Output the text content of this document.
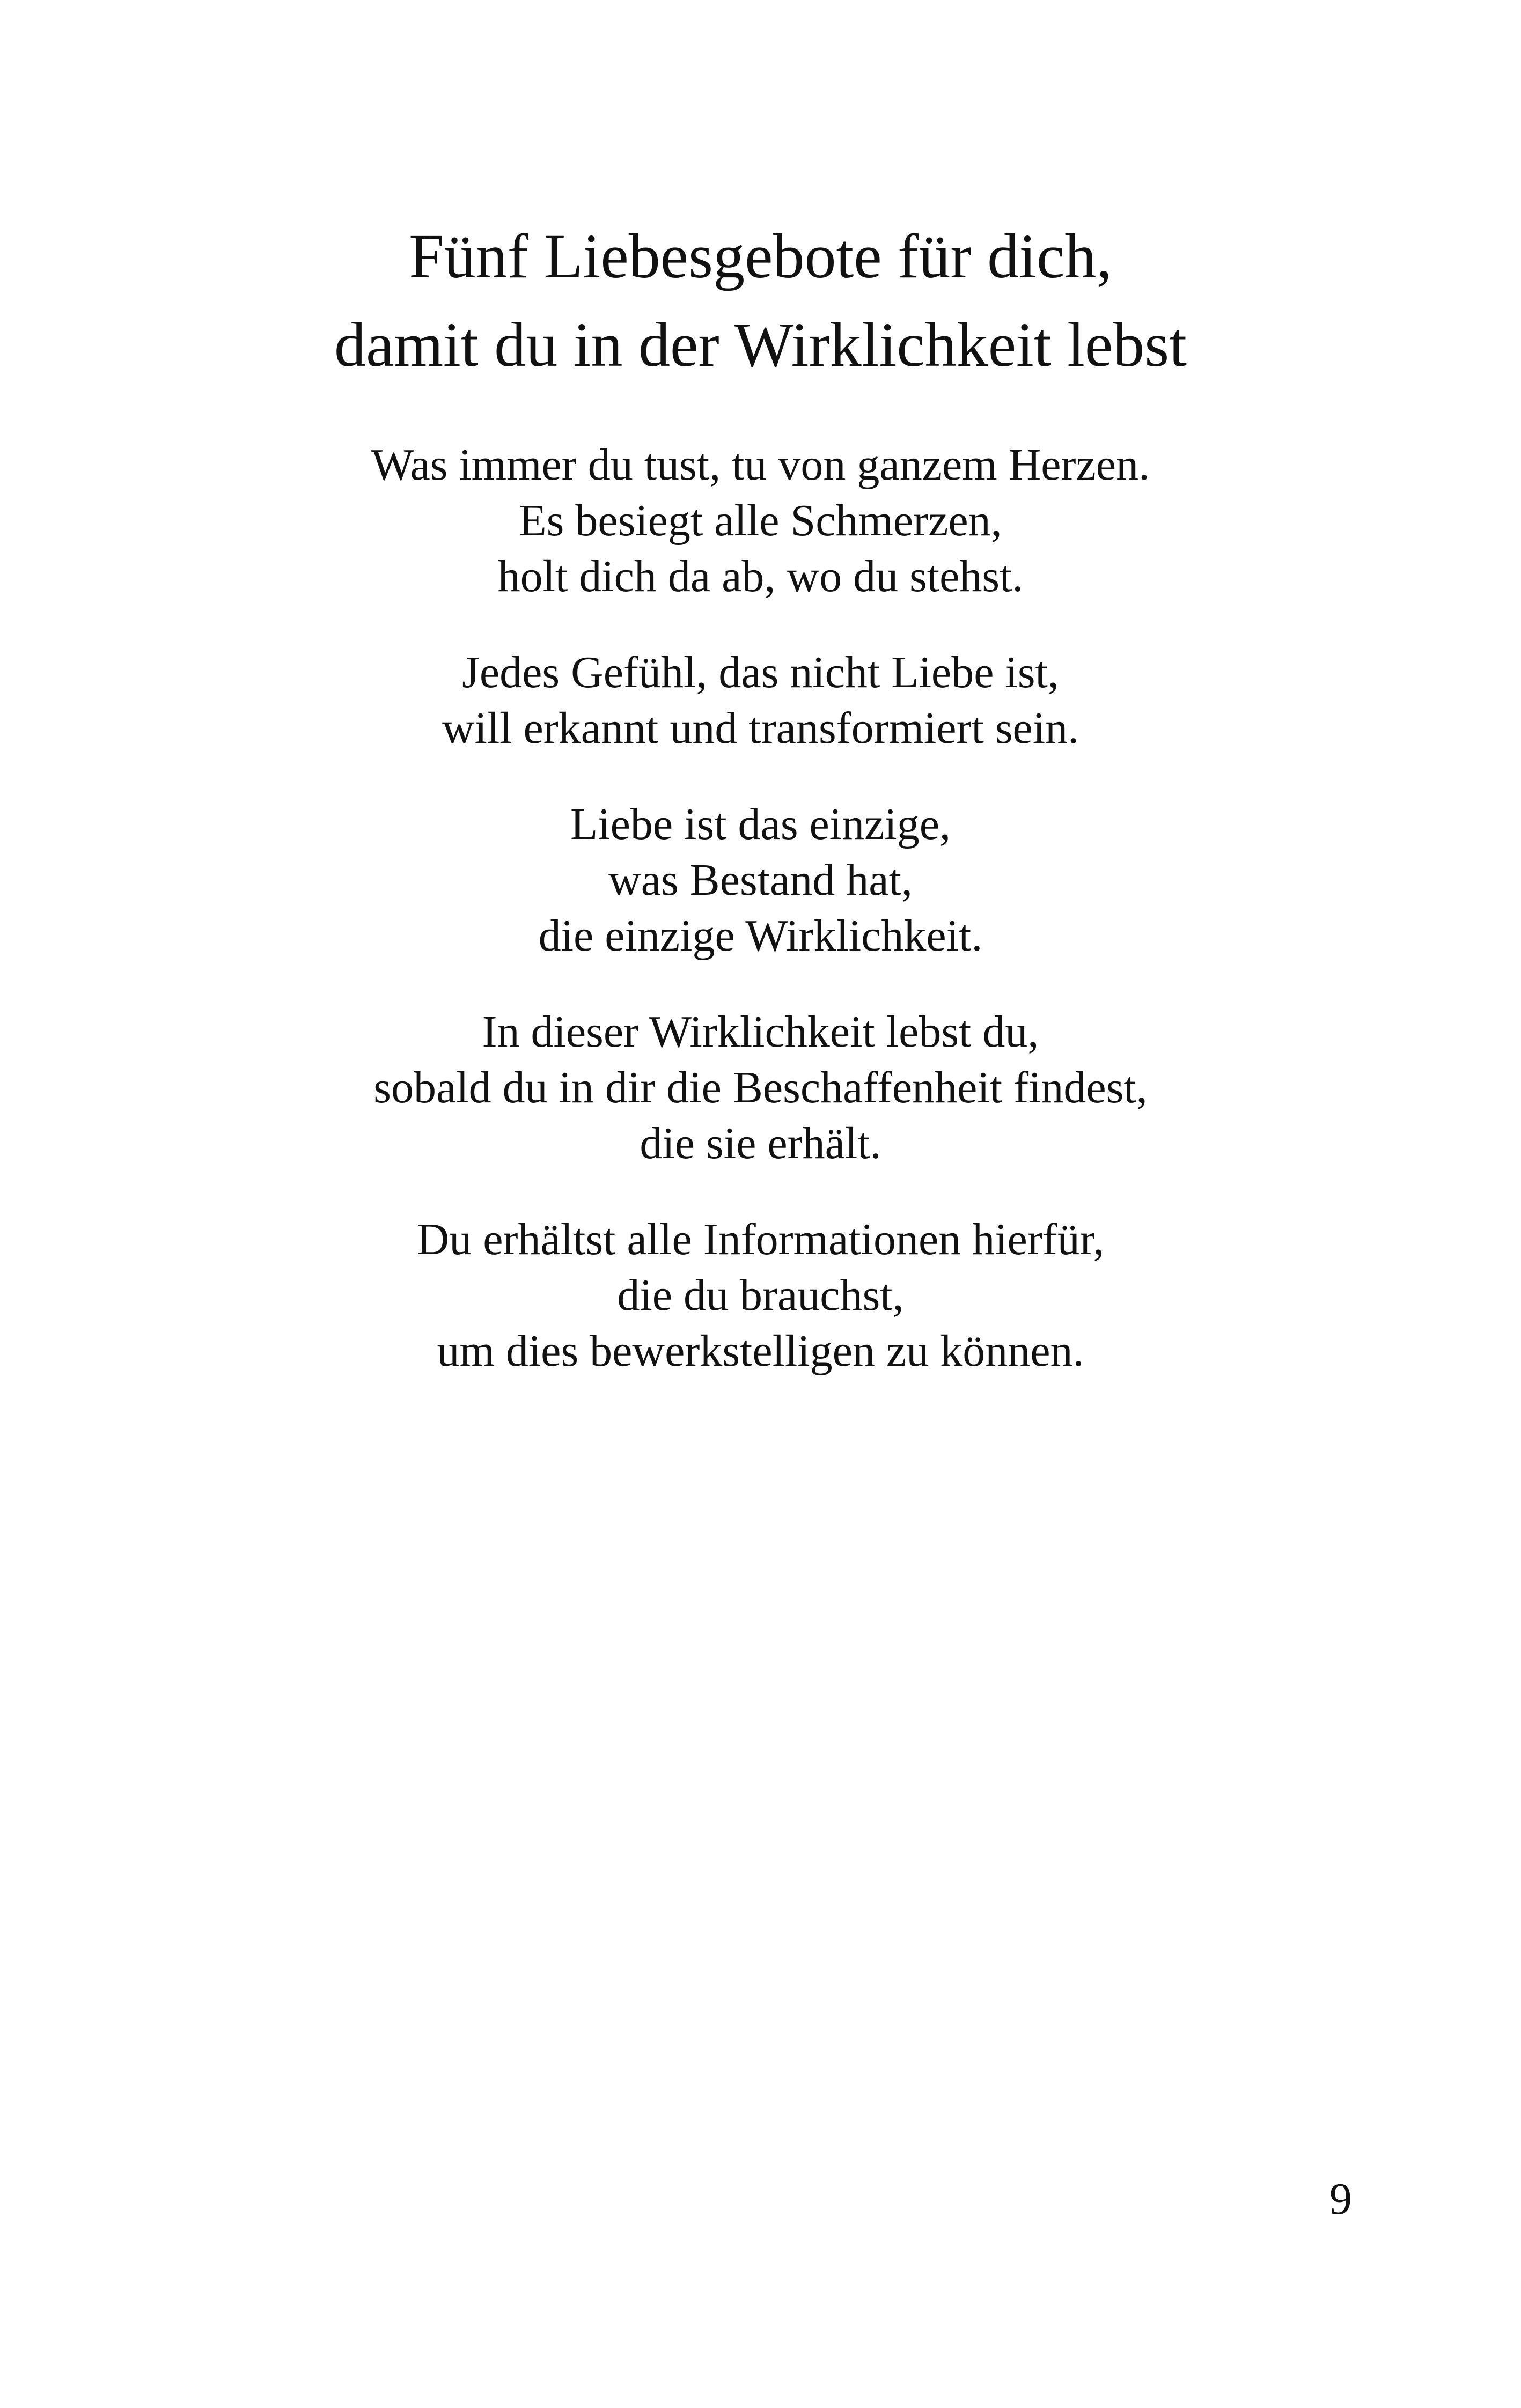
Fünf Liebesgebote für dich,
damit du in der Wirklichkeit lebst
Was immer du tust, tu von ganzem Herzen.
Es besiegt alle Schmerzen,
holt dich da ab, wo du stehst.
Jedes Gefühl, das nicht Liebe ist,
will erkannt und transformiert sein.
Liebe ist das einzige,
was Bestand hat,
die einzige Wirklichkeit.
In dieser Wirklichkeit lebst du,
sobald du in dir die Beschaffenheit findest,
die sie erhält.
Du erhältst alle Informationen hierfür,
die du brauchst,
um dies bewerkstelligen zu können.
9
